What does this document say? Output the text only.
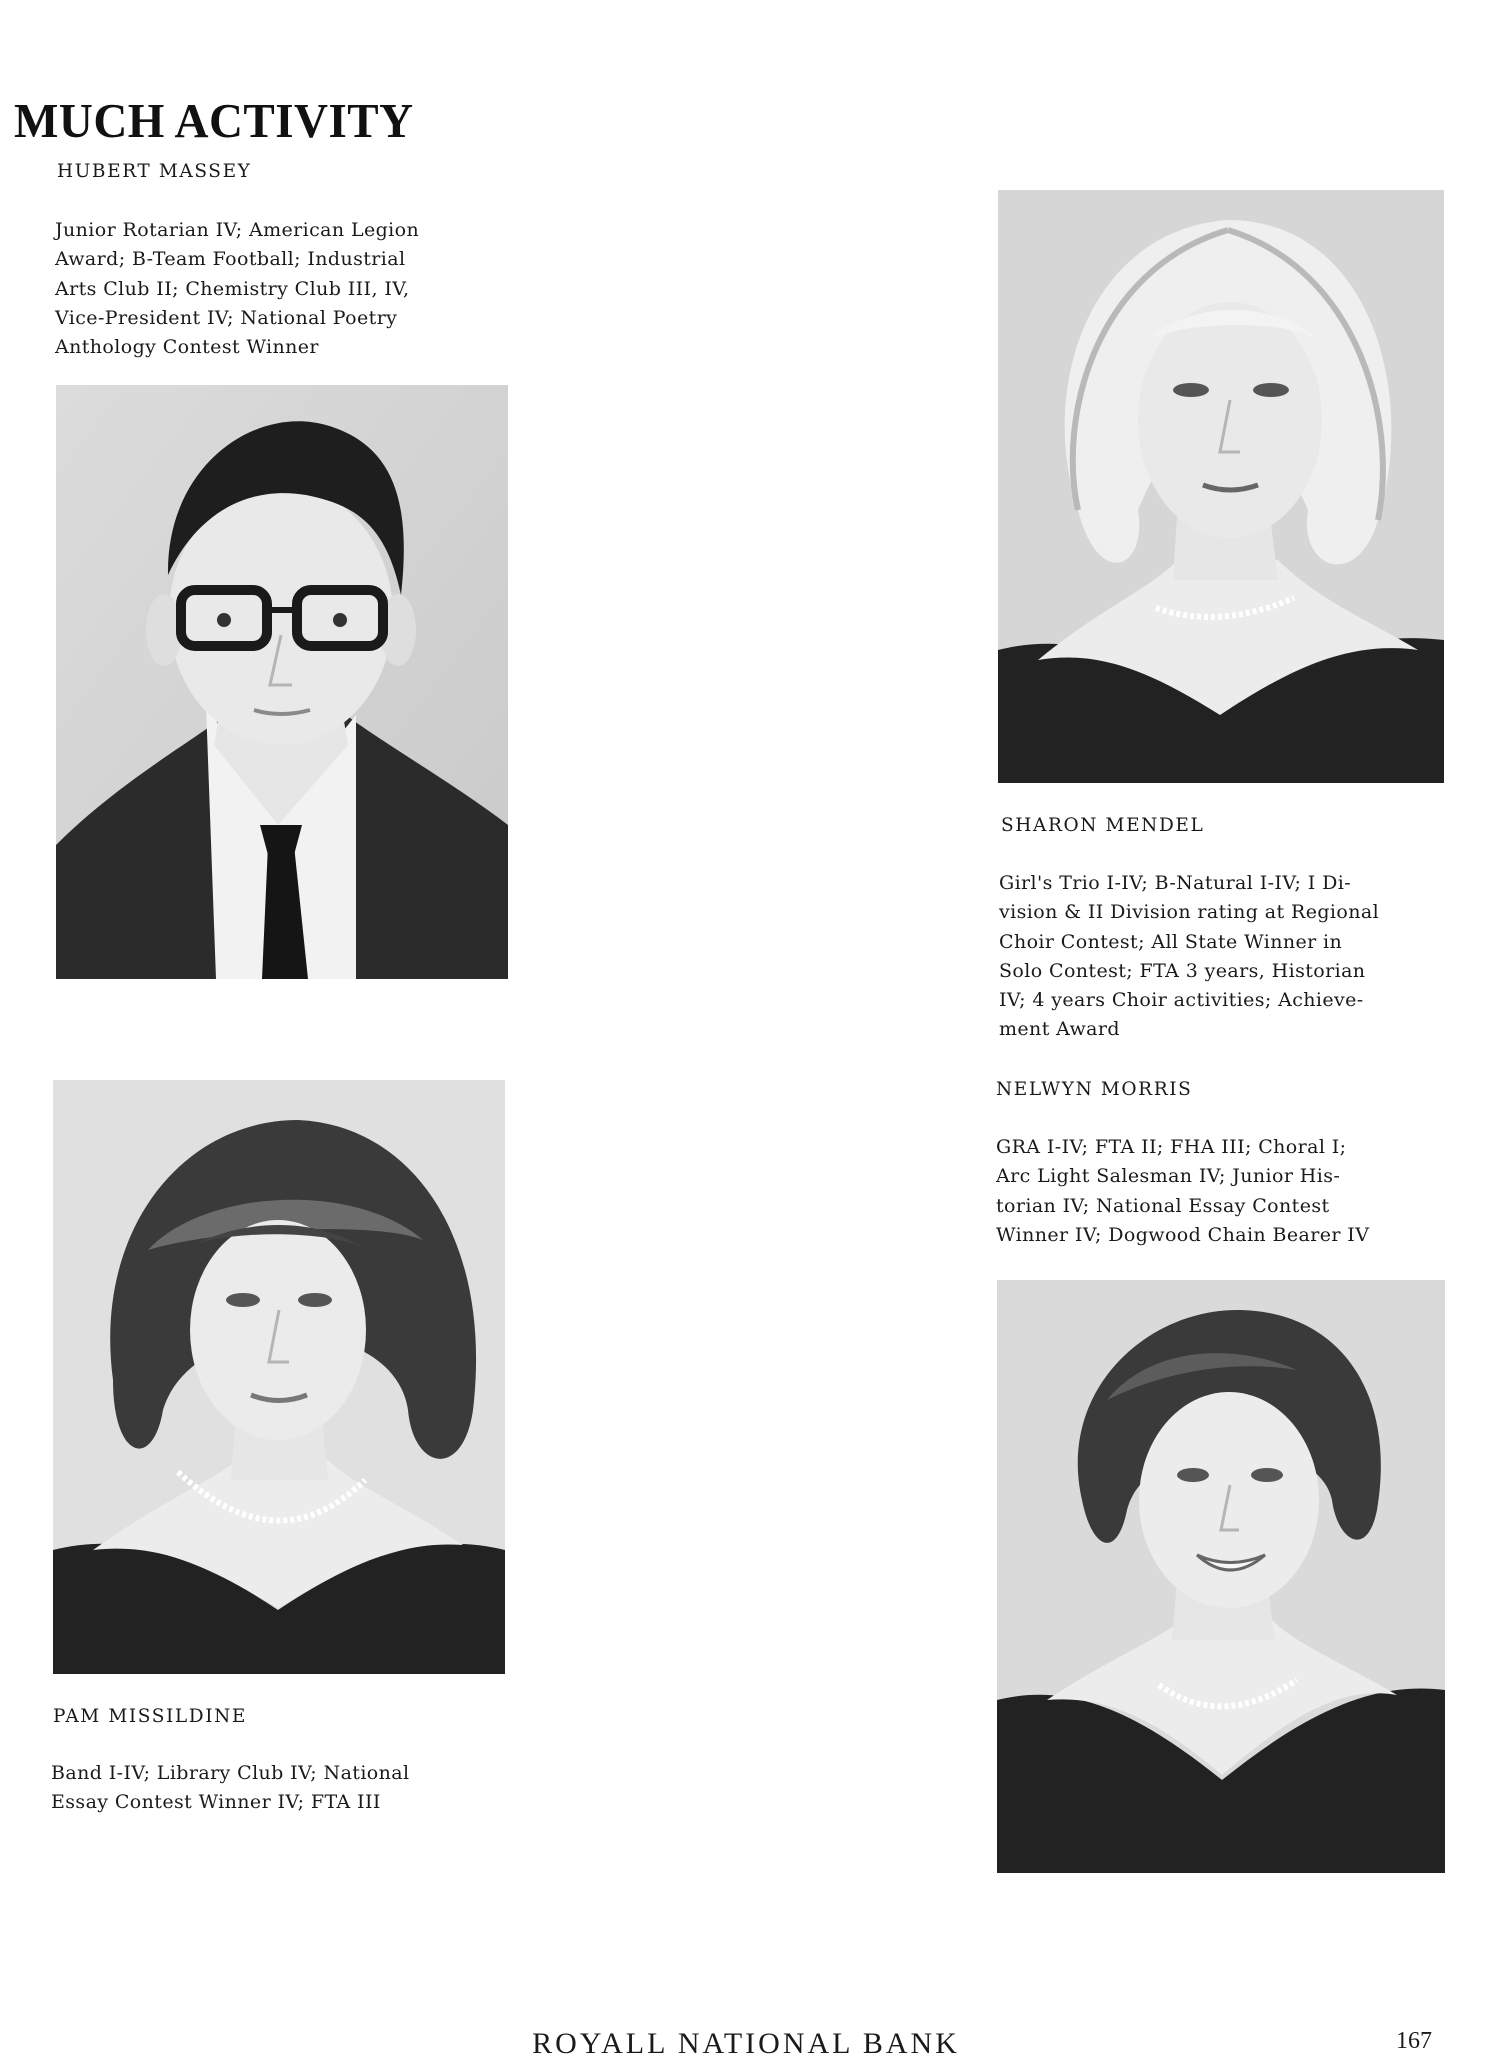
MUCH ACTIVITY
HUBERT MASSEY
Junior Rotarian IV; American Legion
Award; B-Team Football; Industrial
Arts Club II; Chemistry Club III, IV,
Vice-President IV; National Poetry
Anthology Contest Winner
SHARON MENDEL
Girl's Trio I-IV; B-Natural I-IV; I Di-
vision & II Division rating at Regional
Choir Contest; All State Winner in
Solo Contest; FTA 3 years, Historian
IV; 4 years Choir activities; Achieve-
ment Award
NELWYN MORRIS
GRA I-IV; FTA II; FHA III; Choral I;
Arc Light Salesman IV; Junior His-
torian IV; National Essay Contest
Winner IV; Dogwood Chain Bearer IV
PAM MISSILDINE
Band I-IV; Library Club IV; National
Essay Contest Winner IV; FTA III
ROYALL NATIONAL BANK	167
